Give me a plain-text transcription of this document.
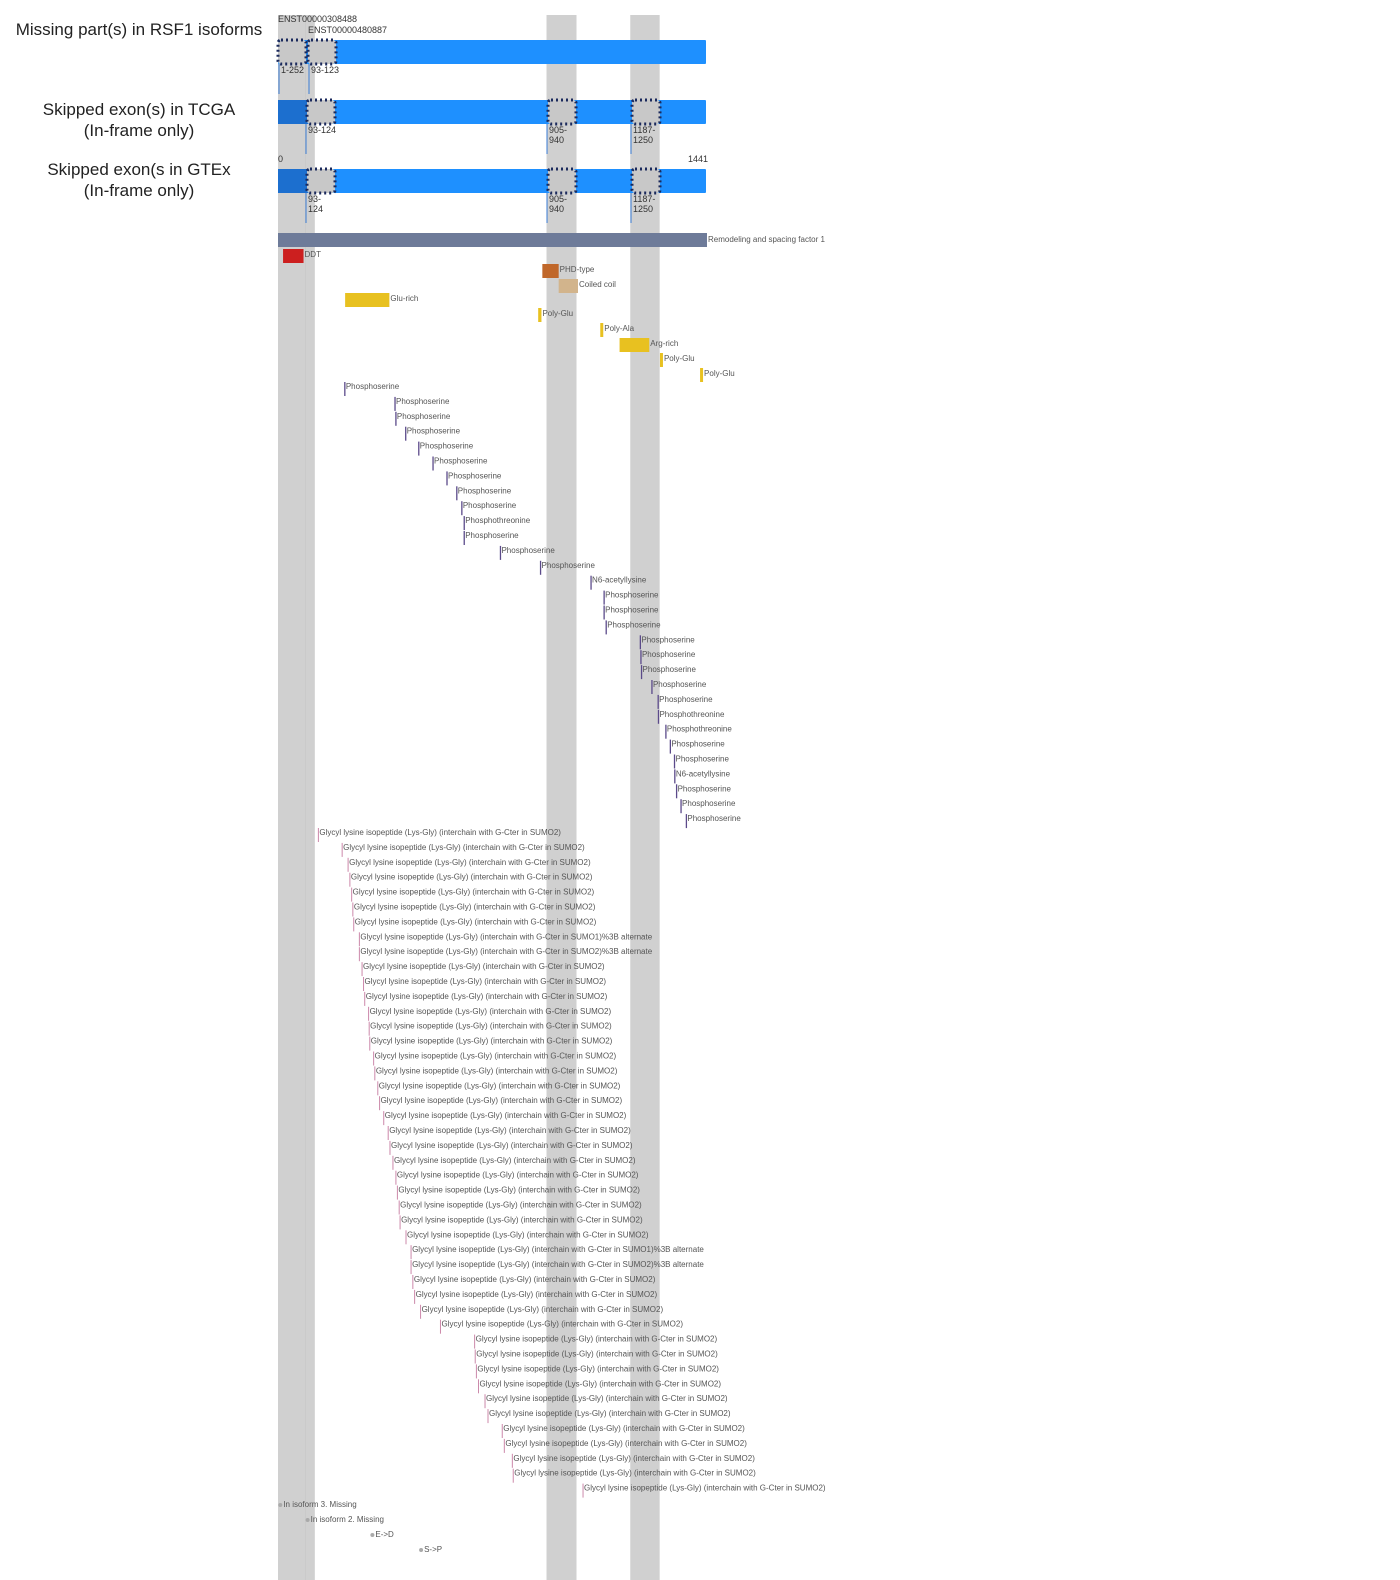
Missing part(s) in RSF1 isoforms
Skipped exon(s) in TCGA
(In-frame only)
Skipped exon(s in GTEx
(In-frame only)
ENST00000308488
ENST00000480887
1-252 93-123
93-124	905-
940
1187-
1250
93-
124
905-
940
1187-
1250
0	1441
Remodeling and spacing factor 1
DDT
PHD-type
Coiled coil
Glu-rich
Poly-Glu
Poly-Ala
Arg-rich
Poly-Glu
Poly-Glu
Phosphoserine
Phosphoserine
Phosphoserine
Phosphoserine
Phosphoserine
Phosphoserine
Phosphoserine
Phosphoserine
Phosphoserine
Phosphothreonine
Phosphoserine
Phosphoserine
Phosphoserine
N6-acetyllysine
Phosphoserine
Phosphoserine
Phosphoserine
Phosphoserine
Phosphoserine
Phosphoserine
Phosphoserine
Phosphoserine
Phosphothreonine
Phosphothreonine
Phosphoserine
Phosphoserine
N6-acetyllysine
Phosphoserine
Phosphoserine
Phosphoserine
Glycyl lysine isopeptide (Lys-Gly) (interchain with G-Cter in SUMO2)
Glycyl lysine isopeptide (Lys-Gly) (interchain with G-Cter in SUMO2)
Glycyl lysine isopeptide (Lys-Gly) (interchain with G-Cter in SUMO2)
Glycyl lysine isopeptide (Lys-Gly) (interchain with G-Cter in SUMO2)
Glycyl lysine isopeptide (Lys-Gly) (interchain with G-Cter in SUMO2)
Glycyl lysine isopeptide (Lys-Gly) (interchain with G-Cter in SUMO2)
Glycyl lysine isopeptide (Lys-Gly) (interchain with G-Cter in SUMO2)
Glycyl lysine isopeptide (Lys-Gly) (interchain with G-Cter in SUMO1)%3B alternate
Glycyl lysine isopeptide (Lys-Gly) (interchain with G-Cter in SUMO2)%3B alternate
Glycyl lysine isopeptide (Lys-Gly) (interchain with G-Cter in SUMO2)
Glycyl lysine isopeptide (Lys-Gly) (interchain with G-Cter in SUMO2)
Glycyl lysine isopeptide (Lys-Gly) (interchain with G-Cter in SUMO2)
Glycyl lysine isopeptide (Lys-Gly) (interchain with G-Cter in SUMO2)
Glycyl lysine isopeptide (Lys-Gly) (interchain with G-Cter in SUMO2)
Glycyl lysine isopeptide (Lys-Gly) (interchain with G-Cter in SUMO2)
Glycyl lysine isopeptide (Lys-Gly) (interchain with G-Cter in SUMO2)
Glycyl lysine isopeptide (Lys-Gly) (interchain with G-Cter in SUMO2)
Glycyl lysine isopeptide (Lys-Gly) (interchain with G-Cter in SUMO2)
Glycyl lysine isopeptide (Lys-Gly) (interchain with G-Cter in SUMO2)
Glycyl lysine isopeptide (Lys-Gly) (interchain with G-Cter in SUMO2)
Glycyl lysine isopeptide (Lys-Gly) (interchain with G-Cter in SUMO2)
Glycyl lysine isopeptide (Lys-Gly) (interchain with G-Cter in SUMO2)
Glycyl lysine isopeptide (Lys-Gly) (interchain with G-Cter in SUMO2)
Glycyl lysine isopeptide (Lys-Gly) (interchain with G-Cter in SUMO2)
Glycyl lysine isopeptide (Lys-Gly) (interchain with G-Cter in SUMO2)
Glycyl lysine isopeptide (Lys-Gly) (interchain with G-Cter in SUMO2)
Glycyl lysine isopeptide (Lys-Gly) (interchain with G-Cter in SUMO2)
Glycyl lysine isopeptide (Lys-Gly) (interchain with G-Cter in SUMO2)
Glycyl lysine isopeptide (Lys-Gly) (interchain with G-Cter in SUMO1)%3B alternate
Glycyl lysine isopeptide (Lys-Gly) (interchain with G-Cter in SUMO2)%3B alternate
Glycyl lysine isopeptide (Lys-Gly) (interchain with G-Cter in SUMO2)
Glycyl lysine isopeptide (Lys-Gly) (interchain with G-Cter in SUMO2)
Glycyl lysine isopeptide (Lys-Gly) (interchain with G-Cter in SUMO2)
Glycyl lysine isopeptide (Lys-Gly) (interchain with G-Cter in SUMO2)
Glycyl lysine isopeptide (Lys-Gly) (interchain with G-Cter in SUMO2)
Glycyl lysine isopeptide (Lys-Gly) (interchain with G-Cter in SUMO2)
Glycyl lysine isopeptide (Lys-Gly) (interchain with G-Cter in SUMO2)
Glycyl lysine isopeptide (Lys-Gly) (interchain with G-Cter in SUMO2)
Glycyl lysine isopeptide (Lys-Gly) (interchain with G-Cter in SUMO2)
Glycyl lysine isopeptide (Lys-Gly) (interchain with G-Cter in SUMO2)
Glycyl lysine isopeptide (Lys-Gly) (interchain with G-Cter in SUMO2)
Glycyl lysine isopeptide (Lys-Gly) (interchain with G-Cter in SUMO2)
Glycyl lysine isopeptide (Lys-Gly) (interchain with G-Cter in SUMO2)
Glycyl lysine isopeptide (Lys-Gly) (interchain with G-Cter in SUMO2)
Glycyl lysine isopeptide (Lys-Gly) (interchain with G-Cter in SUMO2)
In isoform 3. Missing
In isoform 2. Missing
E->D
S->P
